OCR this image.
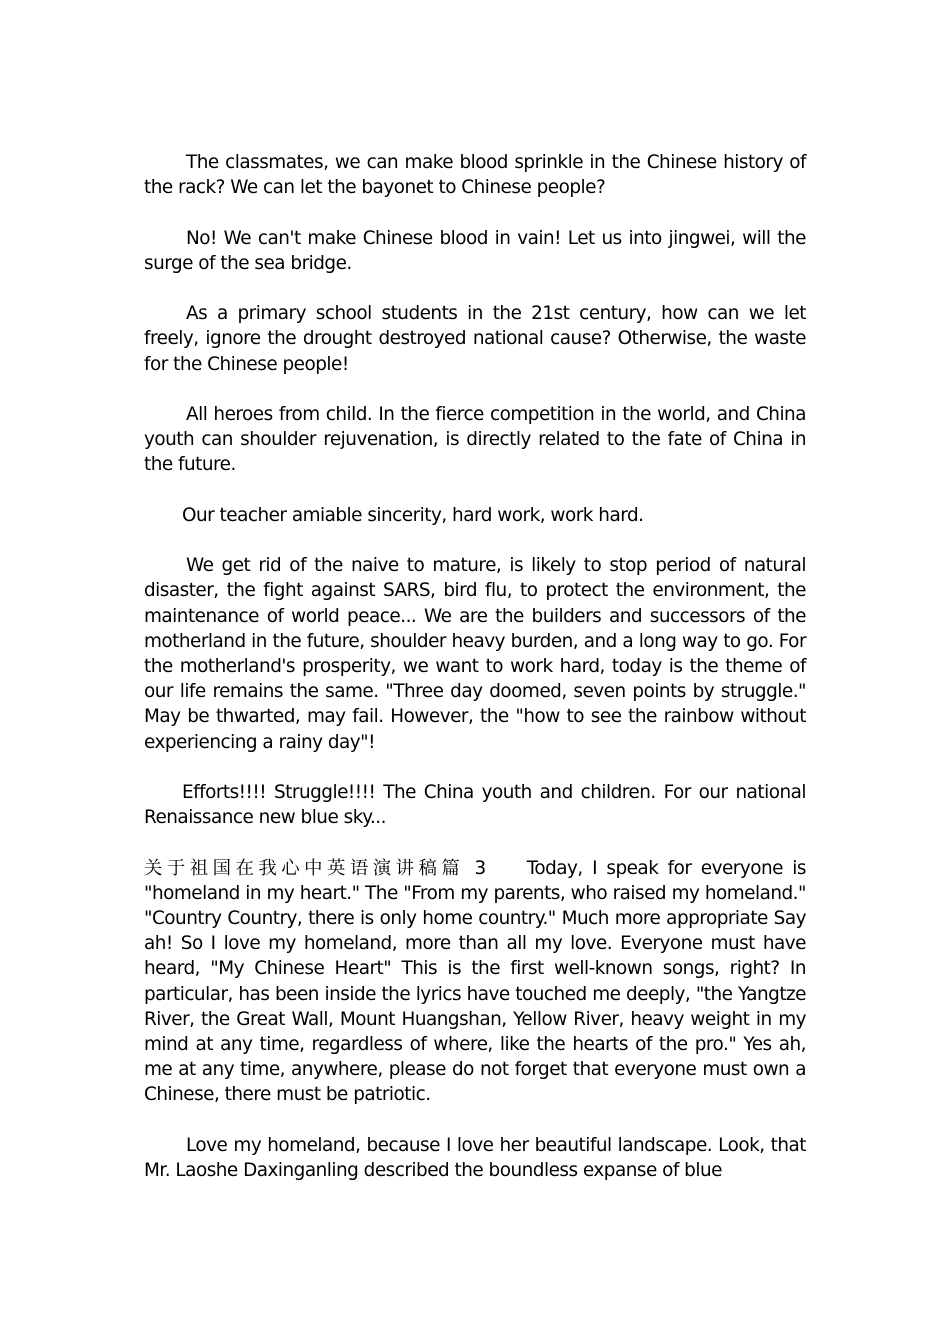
The classmates, we can make blood sprinkle in the Chinese history of the rack? We can let the bayonet to Chinese people?

No! We can't make Chinese blood in vain! Let us into jingwei, will the surge of the sea bridge.

As a primary school students in the 21st century, how can we let freely, ignore the drought destroyed national cause? Otherwise, the waste for the Chinese people!

All heroes from child. In the fierce competition in the world, and China youth can shoulder rejuvenation, is directly related to the fate of China in the future.

Our teacher amiable sincerity, hard work, work hard.

We get rid of the naive to mature, is likely to stop period of natural disaster, the fight against SARS, bird flu, to protect the environment, the maintenance of world peace... We are the builders and successors of the motherland in the future, shoulder heavy burden, and a long way to go. For the motherland's prosperity, we want to work hard, today is the theme of our life remains the same. "Three day doomed, seven points by struggle." May be thwarted, may fail. However, the "how to see the rainbow without experiencing a rainy day"!

Efforts!!!! Struggle!!!! The China youth and children. For our national Renaissance new blue sky...

关于祖国在我心中英语演讲稿篇 3 Today, I speak for everyone is "homeland in my heart." The "From my parents, who raised my homeland." "Country Country, there is only home country." Much more appropriate Say ah! So I love my homeland, more than all my love. Everyone must have heard, "My Chinese Heart" This is the first well-known songs, right? In particular, has been inside the lyrics have touched me deeply, "the Yangtze River, the Great Wall, Mount Huangshan, Yellow River, heavy weight in my mind at any time, regardless of where, like the hearts of the pro." Yes ah, me at any time, anywhere, please do not forget that everyone must own a Chinese, there must be patriotic.

Love my homeland, because I love her beautiful landscape. Look, that Mr. Laoshe Daxinganling described the boundless expanse of blue
